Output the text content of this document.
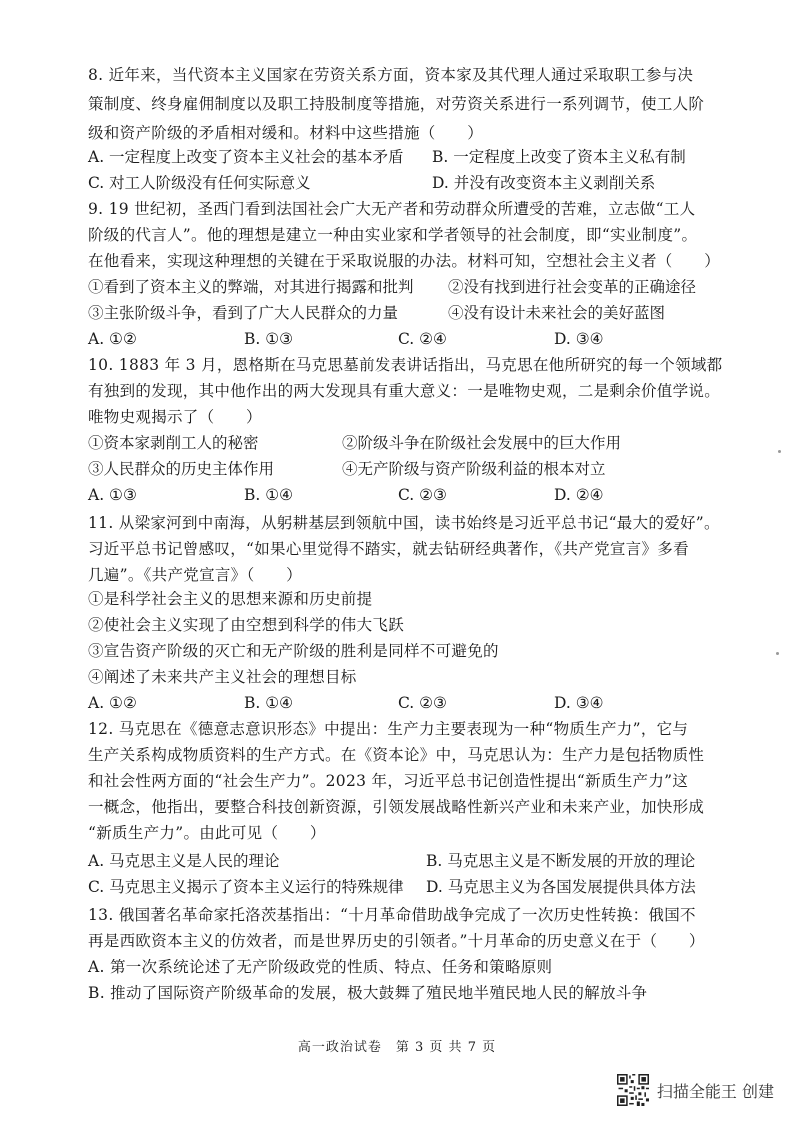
8. 近年来，当代资本主义国家在劳资关系方面，资本家及其代理人通过采取职工参与决
策制度、终身雇佣制度以及职工持股制度等措施，对劳资关系进行一系列调节，使工人阶
级和资产阶级的矛盾相对缓和。材料中这些措施（　　）
A. 一定程度上改变了资本主义社会的基本矛盾 B. 一定程度上改变了资本主义私有制
C. 对工人阶级没有任何实际意义	D. 并没有改变资本主义剥削关系
9. 19 世纪初，圣西门看到法国社会广大无产者和劳动群众所遭受的苦难，立志做“工人
阶级的代言人”。他的理想是建立一种由实业家和学者领导的社会制度，即“实业制度”。
在他看来，实现这种理想的关键在于采取说服的办法。材料可知，空想社会主义者（　　）
①看到了资本主义的弊端，对其进行揭露和批判 ②没有找到进行社会变革的正确途径
③主张阶级斗争，看到了广大人民群众的力量	④没有设计未来社会的美好蓝图
A. ①②	B. ①③	C. ②④	D. ③④
10. 1883 年 3 月，恩格斯在马克思墓前发表讲话指出，马克思在他所研究的每一个领域都
有独到的发现，其中他作出的两大发现具有重大意义：一是唯物史观，二是剩余价值学说。
唯物史观揭示了（　　）
①资本家剥削工人的秘密	②阶级斗争在阶级社会发展中的巨大作用
③人民群众的历史主体作用	④无产阶级与资产阶级利益的根本对立
A. ①③	B. ①④	C. ②③	D. ②④
11. 从梁家河到中南海，从躬耕基层到领航中国，读书始终是习近平总书记“最大的爱好”。
习近平总书记曾感叹，“如果心里觉得不踏实，就去钻研经典著作，《共产党宣言》多看
几遍”。《共产党宣言》（　　）
①是科学社会主义的思想来源和历史前提
②使社会主义实现了由空想到科学的伟大飞跃
③宣告资产阶级的灭亡和无产阶级的胜利是同样不可避免的
④阐述了未来共产主义社会的理想目标
A. ①②	B. ①④	C. ②③	D. ③④
12. 马克思在《德意志意识形态》中提出：生产力主要表现为一种“物质生产力”，它与
生产关系构成物质资料的生产方式。在《资本论》中，马克思认为：生产力是包括物质性
和社会性两方面的“社会生产力”。2023 年，习近平总书记创造性提出“新质生产力”这
一概念，他指出，要整合科技创新资源，引领发展战略性新兴产业和未来产业，加快形成
“新质生产力”。由此可见（　　）
A. 马克思主义是人民的理论	B. 马克思主义是不断发展的开放的理论
C. 马克思主义揭示了资本主义运行的特殊规律 D. 马克思主义为各国发展提供具体方法
13. 俄国著名革命家托洛茨基指出：“十月革命借助战争完成了一次历史性转换：俄国不
再是西欧资本主义的仿效者，而是世界历史的引领者。”十月革命的历史意义在于（　　）
A. 第一次系统论述了无产阶级政党的性质、特点、任务和策略原则
B. 推动了国际资产阶级革命的发展，极大鼓舞了殖民地半殖民地人民的解放斗争
高一政治试卷　第 3 页 共 7 页
扫描全能王 创建
